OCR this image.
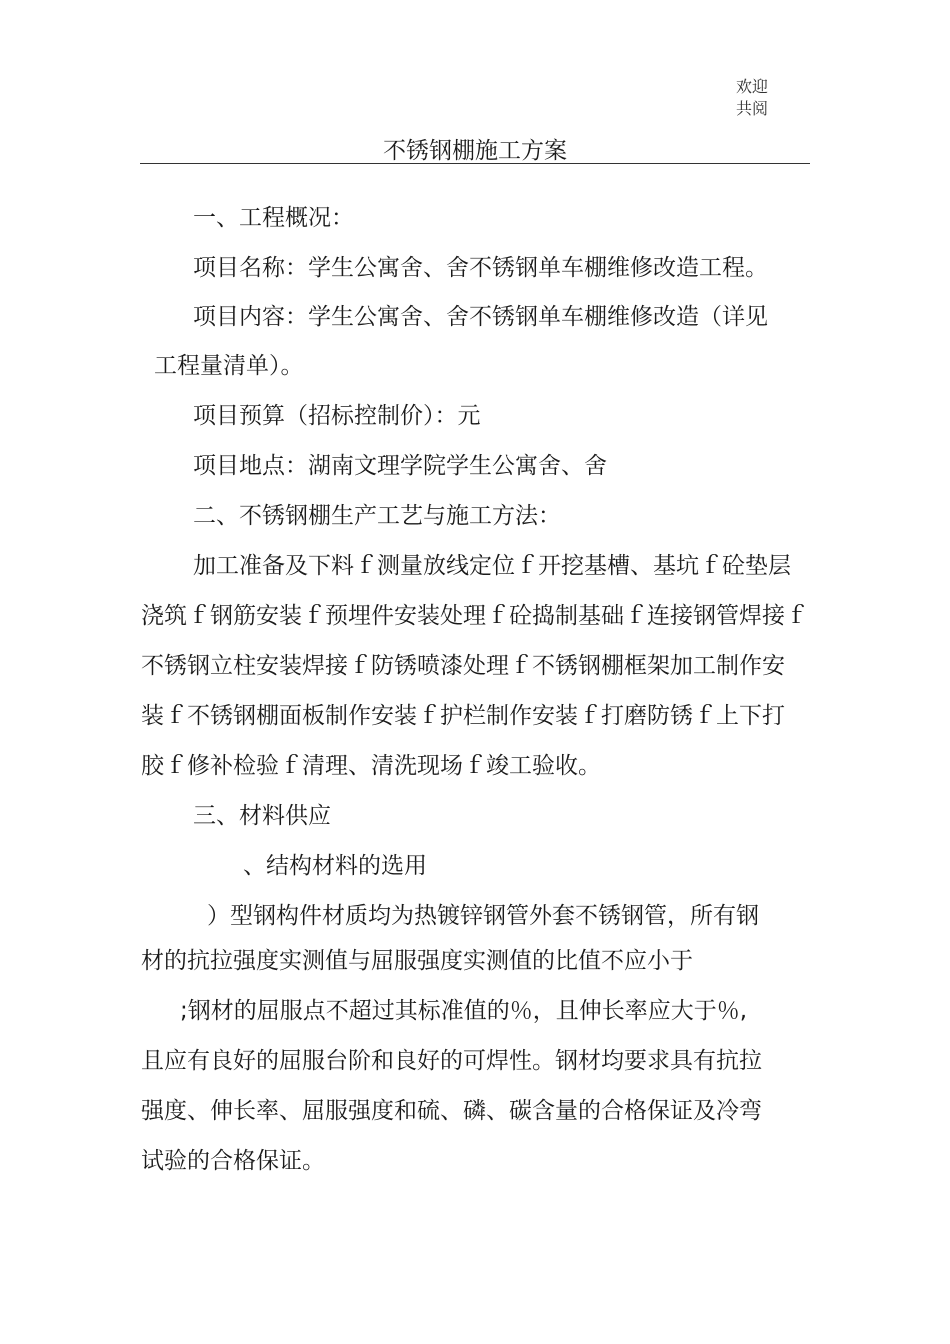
欢迎
共阅
不锈钢棚施工方案
一、工程概况：
项目名称：学生公寓舍、舍不锈钢单车棚维修改造工程。
项目内容：学生公寓舍、舍不锈钢单车棚维修改造（详见
工程量清单）。
项目预算（招标控制价）：元
项目地点：湖南文理学院学生公寓舍、舍
二、不锈钢棚生产工艺与施工方法：
加工准备及下料ｆ测量放线定位ｆ开挖基槽、基坑ｆ砼垫层
浇筑ｆ钢筋安装ｆ预埋件安装处理ｆ砼捣制基础ｆ连接钢管焊接ｆ
不锈钢立柱安装焊接ｆ防锈喷漆处理ｆ不锈钢棚框架加工制作安
装ｆ不锈钢棚面板制作安装ｆ护栏制作安装ｆ打磨防锈ｆ上下打
胶ｆ修补检验ｆ清理、清洗现场ｆ竣工验收。
三、材料供应
、结构材料的选用
）型钢构件材质均为热镀锌钢管外套不锈钢管，所有钢
材的抗拉强度实测值与屈服强度实测值的比值不应小于
;钢材的屈服点不超过其标准值的％，且伸长率应大于％,
且应有良好的屈服台阶和良好的可焊性。钢材均要求具有抗拉
强度、伸长率、屈服强度和硫、磷、碳含量的合格保证及冷弯
试验的合格保证。
